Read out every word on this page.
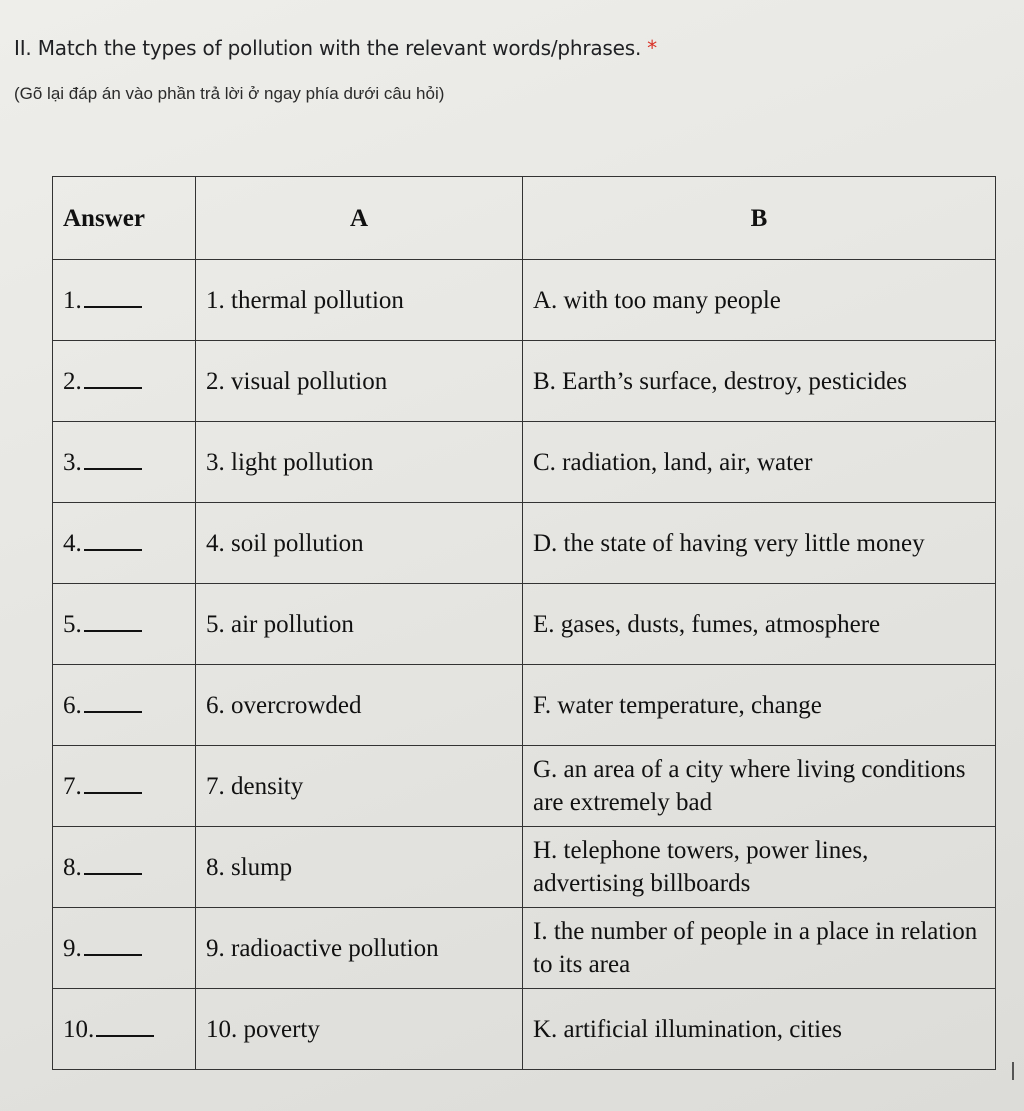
II. Match the types of pollution with the relevant words/phrases. *
(Gõ lại đáp án vào phần trả lời ở ngay phía dưới câu hỏi)
Answer	A	B
1.	1. thermal pollution	A. with too many people
2.	2. visual pollution	B. Earth’s surface, destroy, pesticides
3.	3. light pollution	C. radiation, land, air, water
4.	4. soil pollution	D. the state of having very little money
5.	5. air pollution	E. gases, dusts, fumes, atmosphere
6.	6. overcrowded	F. water temperature, change
7.	7. density	G. an area of a city where living conditions are extremely bad
8.	8. slump	H. telephone towers, power lines, advertising billboards
9.	9. radioactive pollution	I. the number of people in a place in relation to its area
10.	10. poverty	K. artificial illumination, cities
